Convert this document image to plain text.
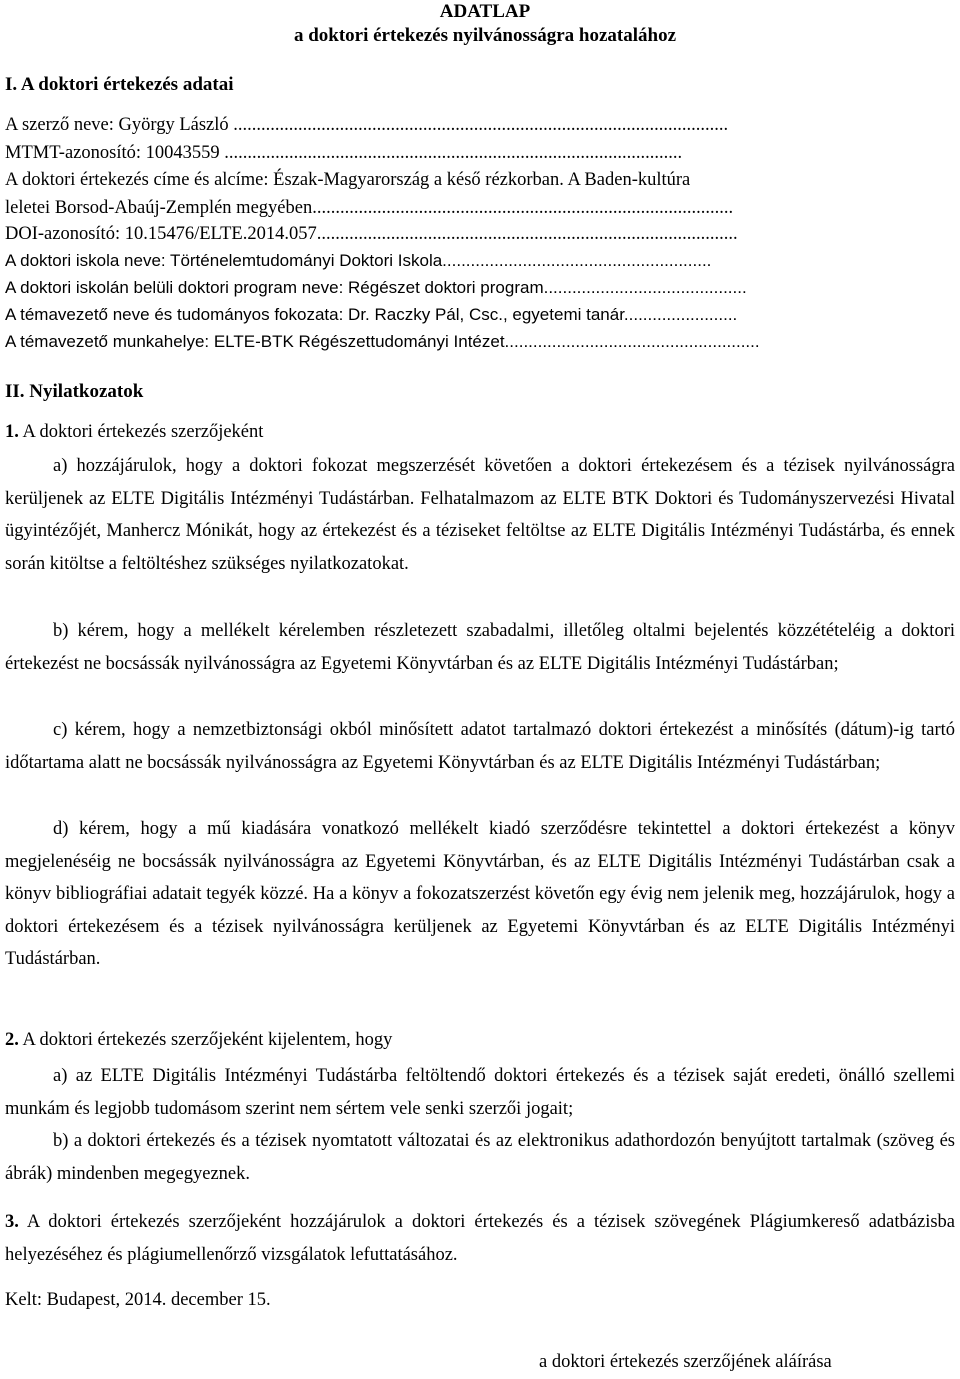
ADATLAP
a doktori értekezés nyilvánosságra hozatalához
I. A doktori értekezés adatai
A szerző neve: György László ...........................................................................................................
MTMT-azonosító: 10043559 ...................................................................................................
A doktori értekezés címe és alcíme: Észak-Magyarország a késő rézkorban. A Baden-kultúra
leletei Borsod-Abaúj-Zemplén megyében...........................................................................................
DOI-azonosító: 10.15476/ELTE.2014.057...........................................................................................
A doktori iskola neve: Történelemtudományi Doktori Iskola.........................................................
A doktori iskolán belüli doktori program neve: Régészet doktori program...........................................
A témavezető neve és tudományos fokozata: Dr. Raczky Pál, Csc., egyetemi tanár........................
A témavezető munkahelye: ELTE-BTK Régészettudományi Intézet......................................................
II. Nyilatkozatok
1. A doktori értekezés szerzőjeként
a) hozzájárulok, hogy a doktori fokozat megszerzését követően a doktori értekezésem és a tézisek nyilvánosságra kerüljenek az ELTE Digitális Intézményi Tudástárban. Felhatalmazom az ELTE BTK Doktori és Tudományszervezési Hivatal ügyintézőjét, Manhercz Mónikát, hogy az értekezést és a téziseket feltöltse az ELTE Digitális Intézményi Tudástárba, és ennek során kitöltse a feltöltéshez szükséges nyilatkozatokat.
b) kérem, hogy a mellékelt kérelemben részletezett szabadalmi, illetőleg oltalmi bejelentés közzétételéig a doktori értekezést ne bocsássák nyilvánosságra az Egyetemi Könyvtárban és az ELTE Digitális Intézményi Tudástárban;
c) kérem, hogy a nemzetbiztonsági okból minősített adatot tartalmazó doktori értekezést a minősítés (dátum)-ig tartó időtartama alatt ne bocsássák nyilvánosságra az Egyetemi Könyvtárban és az ELTE Digitális Intézményi Tudástárban;
d) kérem, hogy a mű kiadására vonatkozó mellékelt kiadó szerződésre tekintettel a doktori értekezést a könyv megjelenéséig ne bocsássák nyilvánosságra az Egyetemi Könyvtárban, és az ELTE Digitális Intézményi Tudástárban csak a könyv bibliográfiai adatait tegyék közzé. Ha a könyv a fokozatszerzést követőn egy évig nem jelenik meg, hozzájárulok, hogy a doktori értekezésem és a tézisek nyilvánosságra kerüljenek az Egyetemi Könyvtárban és az ELTE Digitális Intézményi Tudástárban.
2. A doktori értekezés szerzőjeként kijelentem, hogy
a) az ELTE Digitális Intézményi Tudástárba feltöltendő doktori értekezés és a tézisek saját eredeti, önálló szellemi munkám és legjobb tudomásom szerint nem sértem vele senki szerzői jogait;
b) a doktori értekezés és a tézisek nyomtatott változatai és az elektronikus adathordozón benyújtott tartalmak (szöveg és ábrák) mindenben megegyeznek.
3. A doktori értekezés szerzőjeként hozzájárulok a doktori értekezés és a tézisek szövegének Plágiumkereső adatbázisba helyezéséhez és plágiumellenőrző vizsgálatok lefuttatásához.
Kelt: Budapest, 2014. december 15.
a doktori értekezés szerzőjének aláírása
